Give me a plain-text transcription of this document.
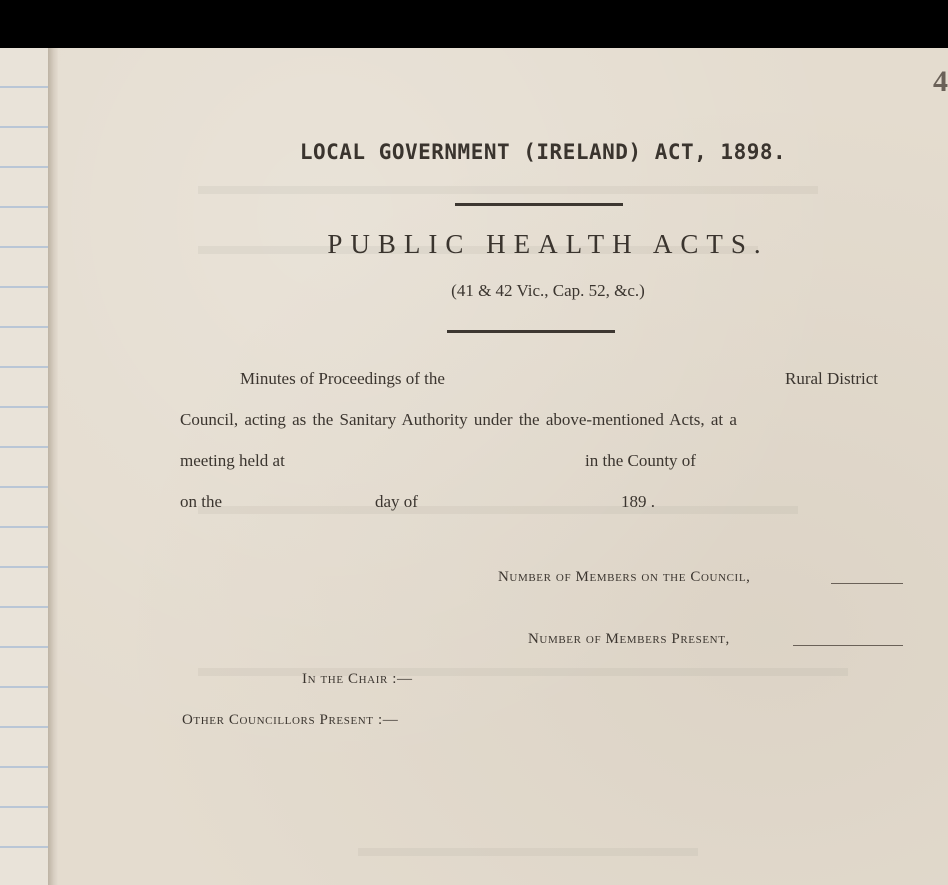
4
LOCAL GOVERNMENT (IRELAND) ACT, 1898.
PUBLIC HEALTH ACTS.
(41 & 42 Vic., Cap. 52, &c.)
Minutes of Proceedings of the	Rural District
Council, acting as the Sanitary Authority under the above-mentioned Acts, at a
meeting held at	in the County of
on the	day of	189 .
Number of Members on the Council,
Number of Members Present,
In the Chair :—
Other Councillors Present :—
